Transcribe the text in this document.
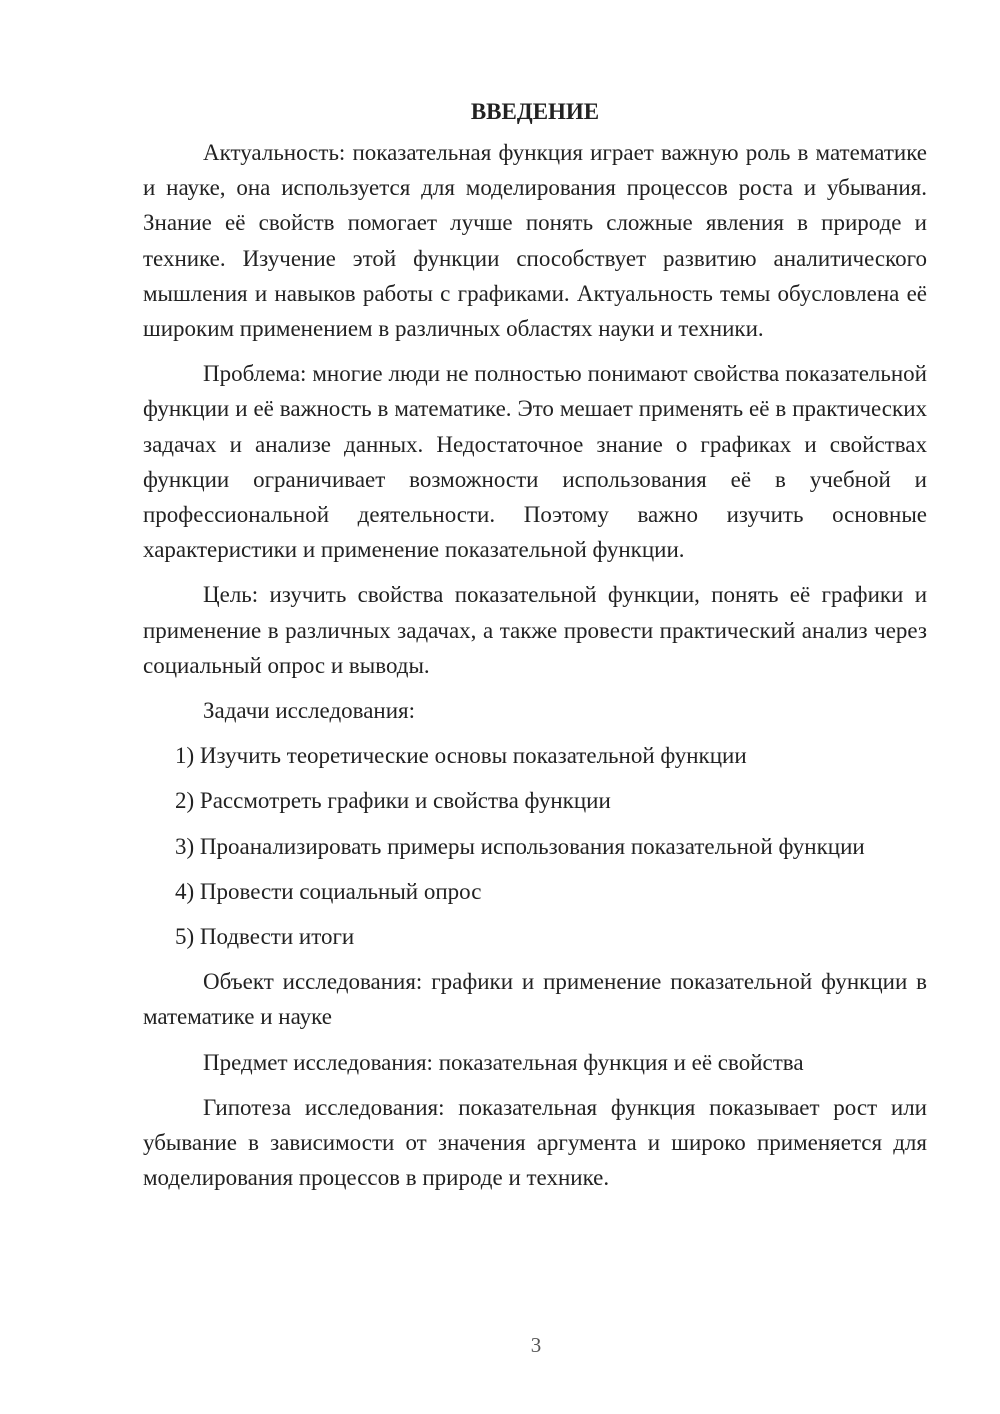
ВВЕДЕНИЕ

Актуальность: показательная функция играет важную роль в математике и науке, она используется для моделирования процессов роста и убывания. Знание её свойств помогает лучше понять сложные явления в природе и технике. Изучение этой функции способствует развитию аналитического мышления и навыков работы с графиками. Актуальность темы обусловлена её широким применением в различных областях науки и техники.

Проблема: многие люди не полностью понимают свойства показательной функции и её важность в математике. Это мешает применять её в практических задачах и анализе данных. Недостаточное знание о графиках и свойствах функции ограничивает возможности использования её в учебной и профессиональной деятельности. Поэтому важно изучить основные характеристики и применение показательной функции.

Цель: изучить свойства показательной функции, понять её графики и применение в различных задачах, а также провести практический анализ через социальный опрос и выводы.

Задачи исследования:

1) Изучить теоретические основы показательной функции

2) Рассмотреть графики и свойства функции

3) Проанализировать примеры использования показательной функции

4) Провести социальный опрос

5) Подвести итоги

Объект исследования: графики и применение показательной функции в математике и науке

Предмет исследования: показательная функция и её свойства

Гипотеза исследования: показательная функция показывает рост или убывание в зависимости от значения аргумента и широко применяется для моделирования процессов в природе и технике.

3
